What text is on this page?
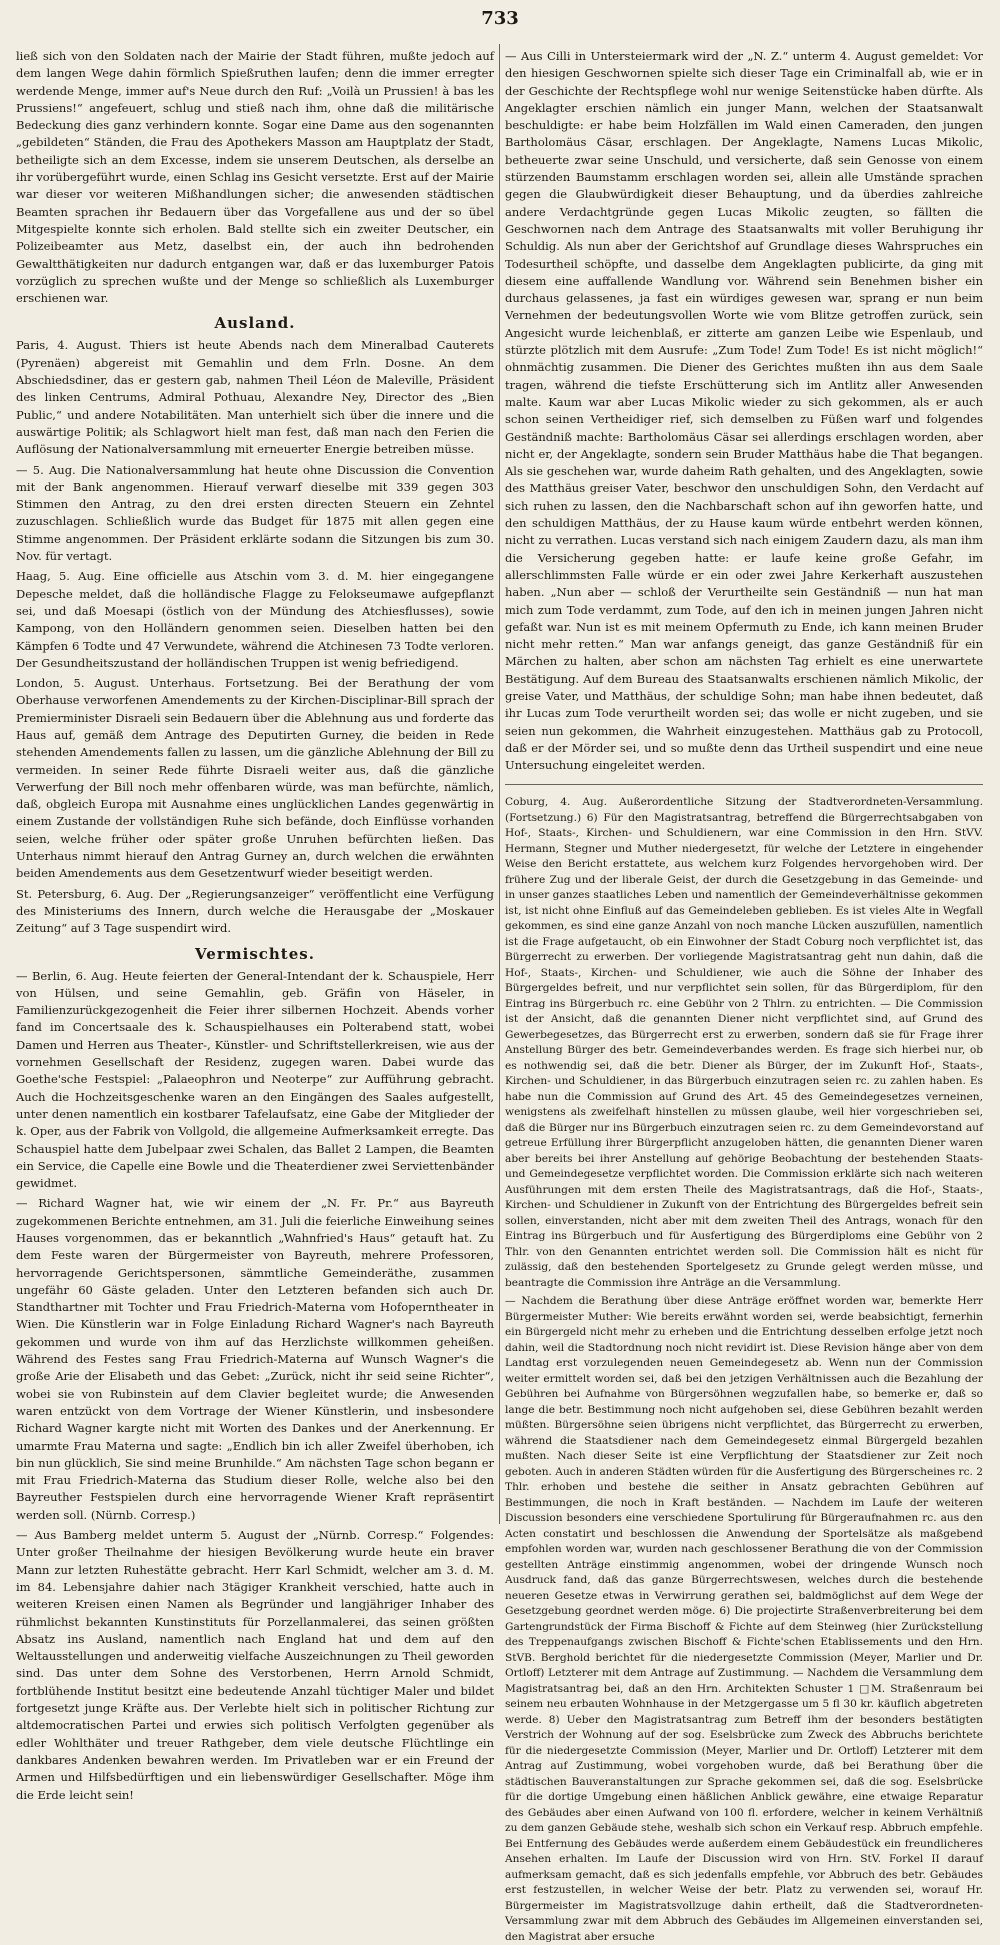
733

ließ sich von den Soldaten nach der Mairie der Stadt führen, mußte jedoch auf dem langen Wege dahin förmlich Spießruthen laufen; denn die immer erregter werdende Menge, immer auf's Neue durch den Ruf: „Voilà un Prussien! à bas les Prussiens!“ angefeuert, schlug und stieß nach ihm, ohne daß die militärische Bedeckung dies ganz verhindern konnte. Sogar eine Dame aus den sogenannten „gebildeten“ Ständen, die Frau des Apothekers Masson am Hauptplatz der Stadt, betheiligte sich an dem Excesse, indem sie unserem Deutschen, als derselbe an ihr vorübergeführt wurde, einen Schlag ins Gesicht versetzte. Erst auf der Mairie war dieser vor weiteren Mißhandlungen sicher; die anwesenden städtischen Beamten sprachen ihr Bedauern über das Vorgefallene aus und der so übel Mitgespielte konnte sich erholen. Bald stellte sich ein zweiter Deutscher, ein Polizeibeamter aus Metz, daselbst ein, der auch ihn bedrohenden Gewaltthätigkeiten nur dadurch entgangen war, daß er das luxemburger Patois vorzüglich zu sprechen wußte und der Menge so schließlich als Luxemburger erschienen war.

Ausland.

Paris, 4. August. Thiers ist heute Abends nach dem Mineralbad Cauterets (Pyrenäen) abgereist mit Gemahlin und dem Frln. Dosne. An dem Abschiedsdiner, das er gestern gab, nahmen Theil Léon de Maleville, Präsident des linken Centrums, Admiral Pothuau, Alexandre Ney, Director des „Bien Public,“ und andere Notabilitäten. Man unterhielt sich über die innere und die auswärtige Politik; als Schlagwort hielt man fest, daß man nach den Ferien die Auflösung der Nationalversammlung mit erneuerter Energie betreiben müsse.

— 5. Aug. Die Nationalversammlung hat heute ohne Discussion die Convention mit der Bank angenommen. Hierauf verwarf dieselbe mit 339 gegen 303 Stimmen den Antrag, zu den drei ersten directen Steuern ein Zehntel zuzuschlagen. Schließlich wurde das Budget für 1875 mit allen gegen eine Stimme angenommen. Der Präsident erklärte sodann die Sitzungen bis zum 30. Nov. für vertagt.

Haag, 5. Aug. Eine officielle aus Atschin vom 3. d. M. hier eingegangene Depesche meldet, daß die holländische Flagge zu Felokseumawe aufgepflanzt sei, und daß Moesapi (östlich von der Mündung des Atchiesflusses), sowie Kampong, von den Holländern genommen seien. Dieselben hatten bei den Kämpfen 6 Todte und 47 Verwundete, während die Atchinesen 73 Todte verloren. Der Gesundheitszustand der holländischen Truppen ist wenig befriedigend.

London, 5. August. Unterhaus. Fortsetzung. Bei der Berathung der vom Oberhause verworfenen Amendements zu der Kirchen-Disciplinar-Bill sprach der Premierminister Disraeli sein Bedauern über die Ablehnung aus und forderte das Haus auf, gemäß dem Antrage des Deputirten Gurney, die beiden in Rede stehenden Amendements fallen zu lassen, um die gänzliche Ablehnung der Bill zu vermeiden. In seiner Rede führte Disraeli weiter aus, daß die gänzliche Verwerfung der Bill noch mehr offenbaren würde, was man befürchte, nämlich, daß, obgleich Europa mit Ausnahme eines unglücklichen Landes gegenwärtig in einem Zustande der vollständigen Ruhe sich befände, doch Einflüsse vorhanden seien, welche früher oder später große Unruhen befürchten ließen. Das Unterhaus nimmt hierauf den Antrag Gurney an, durch welchen die erwähnten beiden Amendements aus dem Gesetzentwurf wieder beseitigt werden.

St. Petersburg, 6. Aug. Der „Regierungsanzeiger“ veröffentlicht eine Verfügung des Ministeriums des Innern, durch welche die Herausgabe der „Moskauer Zeitung“ auf 3 Tage suspendirt wird.

Vermischtes.

— Berlin, 6. Aug. Heute feierten der General-Intendant der k. Schauspiele, Herr von Hülsen, und seine Gemahlin, geb. Gräfin von Häseler, in Familienzurückgezogenheit die Feier ihrer silbernen Hochzeit. Abends vorher fand im Concertsaale des k. Schauspielhauses ein Polterabend statt, wobei Damen und Herren aus Theater-, Künstler- und Schriftstellerkreisen, wie aus der vornehmen Gesellschaft der Residenz, zugegen waren. Dabei wurde das Goethe'sche Festspiel: „Palaeophron und Neoterpe“ zur Aufführung gebracht. Auch die Hochzeitsgeschenke waren an den Eingängen des Saales aufgestellt, unter denen namentlich ein kostbarer Tafelaufsatz, eine Gabe der Mitglieder der k. Oper, aus der Fabrik von Vollgold, die allgemeine Aufmerksamkeit erregte. Das Schauspiel hatte dem Jubelpaar zwei Schalen, das Ballet 2 Lampen, die Beamten ein Service, die Capelle eine Bowle und die Theaterdiener zwei Serviettenbänder gewidmet.

— Richard Wagner hat, wie wir einem der „N. Fr. Pr.“ aus Bayreuth zugekommenen Berichte entnehmen, am 31. Juli die feierliche Einweihung seines Hauses vorgenommen, das er bekanntlich „Wahnfried's Haus“ getauft hat. Zu dem Feste waren der Bürgermeister von Bayreuth, mehrere Professoren, hervorragende Gerichtspersonen, sämmtliche Gemeinderäthe, zusammen ungefähr 60 Gäste geladen. Unter den Letzteren befanden sich auch Dr. Standthartner mit Tochter und Frau Friedrich-Materna vom Hofoperntheater in Wien. Die Künstlerin war in Folge Einladung Richard Wagner's nach Bayreuth gekommen und wurde von ihm auf das Herzlichste willkommen geheißen. Während des Festes sang Frau Friedrich-Materna auf Wunsch Wagner's die große Arie der Elisabeth und das Gebet: „Zurück, nicht ihr seid seine Richter“, wobei sie von Rubinstein auf dem Clavier begleitet wurde; die Anwesenden waren entzückt von dem Vortrage der Wiener Künstlerin, und insbesondere Richard Wagner kargte nicht mit Worten des Dankes und der Anerkennung. Er umarmte Frau Materna und sagte: „Endlich bin ich aller Zweifel überhoben, ich bin nun glücklich, Sie sind meine Brunhilde.“ Am nächsten Tage schon begann er mit Frau Friedrich-Materna das Studium dieser Rolle, welche also bei den Bayreuther Festspielen durch eine hervorragende Wiener Kraft repräsentirt werden soll. (Nürnb. Corresp.)

— Aus Bamberg meldet unterm 5. August der „Nürnb. Corresp.“ Folgendes: Unter großer Theilnahme der hiesigen Bevölkerung wurde heute ein braver Mann zur letzten Ruhestätte gebracht. Herr Karl Schmidt, welcher am 3. d. M. im 84. Lebensjahre dahier nach 3tägiger Krankheit verschied, hatte auch in weiteren Kreisen einen Namen als Begründer und langjähriger Inhaber des rühmlichst bekannten Kunstinstituts für Porzellanmalerei, das seinen größten Absatz ins Ausland, namentlich nach England hat und dem auf den Weltausstellungen und anderweitig vielfache Auszeichnungen zu Theil geworden sind. Das unter dem Sohne des Verstorbenen, Herrn Arnold Schmidt, fortblühende Institut besitzt eine bedeutende Anzahl tüchtiger Maler und bildet fortgesetzt junge Kräfte aus. Der Verlebte hielt sich in politischer Richtung zur altdemocratischen Partei und erwies sich politisch Verfolgten gegenüber als edler Wohlthäter und treuer Rathgeber, dem viele deutsche Flüchtlinge ein dankbares Andenken bewahren werden. Im Privatleben war er ein Freund der Armen und Hilfsbedürftigen und ein liebenswürdiger Gesellschafter. Möge ihm die Erde leicht sein!

— Aus Cilli in Untersteiermark wird der „N. Z.“ unterm 4. August gemeldet: Vor den hiesigen Geschwornen spielte sich dieser Tage ein Criminalfall ab, wie er in der Geschichte der Rechtspflege wohl nur wenige Seitenstücke haben dürfte. Als Angeklagter erschien nämlich ein junger Mann, welchen der Staatsanwalt beschuldigte: er habe beim Holzfällen im Wald einen Cameraden, den jungen Bartholomäus Cäsar, erschlagen. Der Angeklagte, Namens Lucas Mikolic, betheuerte zwar seine Unschuld, und versicherte, daß sein Genosse von einem stürzenden Baumstamm erschlagen worden sei, allein alle Umstände sprachen gegen die Glaubwürdigkeit dieser Behauptung, und da überdies zahlreiche andere Verdachtgründe gegen Lucas Mikolic zeugten, so fällten die Geschwornen nach dem Antrage des Staatsanwalts mit voller Beruhigung ihr Schuldig. Als nun aber der Gerichtshof auf Grundlage dieses Wahrspruches ein Todesurtheil schöpfte, und dasselbe dem Angeklagten publicirte, da ging mit diesem eine auffallende Wandlung vor. Während sein Benehmen bisher ein durchaus gelassenes, ja fast ein würdiges gewesen war, sprang er nun beim Vernehmen der bedeutungsvollen Worte wie vom Blitze getroffen zurück, sein Angesicht wurde leichenblaß, er zitterte am ganzen Leibe wie Espenlaub, und stürzte plötzlich mit dem Ausrufe: „Zum Tode! Zum Tode! Es ist nicht möglich!“ ohnmächtig zusammen. Die Diener des Gerichtes mußten ihn aus dem Saale tragen, während die tiefste Erschütterung sich im Antlitz aller Anwesenden malte. Kaum war aber Lucas Mikolic wieder zu sich gekommen, als er auch schon seinen Vertheidiger rief, sich demselben zu Füßen warf und folgendes Geständniß machte: Bartholomäus Cäsar sei allerdings erschlagen worden, aber nicht er, der Angeklagte, sondern sein Bruder Matthäus habe die That begangen. Als sie geschehen war, wurde daheim Rath gehalten, und des Angeklagten, sowie des Matthäus greiser Vater, beschwor den unschuldigen Sohn, den Verdacht auf sich ruhen zu lassen, den die Nachbarschaft schon auf ihn geworfen hatte, und den schuldigen Matthäus, der zu Hause kaum würde entbehrt werden können, nicht zu verrathen. Lucas verstand sich nach einigem Zaudern dazu, als man ihm die Versicherung gegeben hatte: er laufe keine große Gefahr, im allerschlimmsten Falle würde er ein oder zwei Jahre Kerkerhaft auszustehen haben. „Nun aber — schloß der Verurtheilte sein Geständniß — nun hat man mich zum Tode verdammt, zum Tode, auf den ich in meinen jungen Jahren nicht gefaßt war. Nun ist es mit meinem Opfermuth zu Ende, ich kann meinen Bruder nicht mehr retten.“ Man war anfangs geneigt, das ganze Geständniß für ein Märchen zu halten, aber schon am nächsten Tag erhielt es eine unerwartete Bestätigung. Auf dem Bureau des Staatsanwalts erschienen nämlich Mikolic, der greise Vater, und Matthäus, der schuldige Sohn; man habe ihnen bedeutet, daß ihr Lucas zum Tode verurtheilt worden sei; das wolle er nicht zugeben, und sie seien nun gekommen, die Wahrheit einzugestehen. Matthäus gab zu Protocoll, daß er der Mörder sei, und so mußte denn das Urtheil suspendirt und eine neue Untersuchung eingeleitet werden.

Coburg, 4. Aug. Außerordentliche Sitzung der Stadtverordneten-Versammlung. (Fortsetzung.) 6) Für den Magistratsantrag, betreffend die Bürgerrechtsabgaben von Hof-, Staats-, Kirchen- und Schuldienern, war eine Commission in den Hrn. StVV. Hermann, Stegner und Muther niedergesetzt, für welche der Letztere in eingehender Weise den Bericht erstattete, aus welchem kurz Folgendes hervorgehoben wird. Der frühere Zug und der liberale Geist, der durch die Gesetzgebung in das Gemeinde- und in unser ganzes staatliches Leben und namentlich der Gemeindeverhältnisse gekommen ist, ist nicht ohne Einfluß auf das Gemeindeleben geblieben. Es ist vieles Alte in Wegfall gekommen, es sind eine ganze Anzahl von noch manche Lücken auszufüllen, namentlich ist die Frage aufgetaucht, ob ein Einwohner der Stadt Coburg noch verpflichtet ist, das Bürgerrecht zu erwerben. Der vorliegende Magistratsantrag geht nun dahin, daß die Hof-, Staats-, Kirchen- und Schuldiener, wie auch die Söhne der Inhaber des Bürgergeldes befreit, und nur verpflichtet sein sollen, für das Bürgerdiplom, für den Eintrag ins Bürgerbuch rc. eine Gebühr von 2 Thlrn. zu entrichten. — Die Commission ist der Ansicht, daß die genannten Diener nicht verpflichtet sind, auf Grund des Gewerbegesetzes, das Bürgerrecht erst zu erwerben, sondern daß sie für Frage ihrer Anstellung Bürger des betr. Gemeindeverbandes werden. Es frage sich hierbei nur, ob es nothwendig sei, daß die betr. Diener als Bürger, der im Zukunft Hof-, Staats-, Kirchen- und Schuldiener, in das Bürgerbuch einzutragen seien rc. zu zahlen haben. Es habe nun die Commission auf Grund des Art. 45 des Gemeindegesetzes verneinen, wenigstens als zweifelhaft hinstellen zu müssen glaube, weil hier vorgeschrieben sei, daß die Bürger nur ins Bürgerbuch einzutragen seien rc. zu dem Gemeindevorstand auf getreue Erfüllung ihrer Bürgerpflicht anzugeloben hätten, die genannten Diener waren aber bereits bei ihrer Anstellung auf gehörige Beobachtung der bestehenden Staats- und Gemeindegesetze verpflichtet worden. Die Commission erklärte sich nach weiteren Ausführungen mit dem ersten Theile des Magistratsantrags, daß die Hof-, Staats-, Kirchen- und Schuldiener in Zukunft von der Entrichtung des Bürgergeldes befreit sein sollen, einverstanden, nicht aber mit dem zweiten Theil des Antrags, wonach für den Eintrag ins Bürgerbuch und für Ausfertigung des Bürgerdiploms eine Gebühr von 2 Thlr. von den Genannten entrichtet werden soll. Die Commission hält es nicht für zulässig, daß den bestehenden Sportelgesetz zu Grunde gelegt werden müsse, und beantragte die Commission ihre Anträge an die Versammlung.

— Nachdem die Berathung über diese Anträge eröffnet worden war, bemerkte Herr Bürgermeister Muther: Wie bereits erwähnt worden sei, werde beabsichtigt, fernerhin ein Bürgergeld nicht mehr zu erheben und die Entrichtung desselben erfolge jetzt noch dahin, weil die Stadtordnung noch nicht revidirt ist. Diese Revision hänge aber von dem Landtag erst vorzulegenden neuen Gemeindegesetz ab. Wenn nun der Commission weiter ermittelt worden sei, daß bei den jetzigen Verhältnissen auch die Bezahlung der Gebühren bei Aufnahme von Bürgersöhnen wegzufallen habe, so bemerke er, daß so lange die betr. Bestimmung noch nicht aufgehoben sei, diese Gebühren bezahlt werden müßten. Bürgersöhne seien übrigens nicht verpflichtet, das Bürgerrecht zu erwerben, während die Staatsdiener nach dem Gemeindegesetz einmal Bürgergeld bezahlen mußten. Nach dieser Seite ist eine Verpflichtung der Staatsdiener zur Zeit noch geboten. Auch in anderen Städten würden für die Ausfertigung des Bürgerscheines rc. 2 Thlr. erhoben und bestehe die seither in Ansatz gebrachten Gebühren auf Bestimmungen, die noch in Kraft beständen. — Nachdem im Laufe der weiteren Discussion besonders eine verschiedene Sportulirung für Bürgeraufnahmen rc. aus den Acten constatirt und beschlossen die Anwendung der Sportelsätze als maßgebend empfohlen worden war, wurden nach geschlossener Berathung die von der Commission gestellten Anträge einstimmig angenommen, wobei der dringende Wunsch noch Ausdruck fand, daß das ganze Bürgerrechtswesen, welches durch die bestehende neueren Gesetze etwas in Verwirrung gerathen sei, baldmöglichst auf dem Wege der Gesetzgebung geordnet werden möge. 6) Die projectirte Straßenverbreiterung bei dem Gartengrundstück der Firma Bischoff & Fichte auf dem Steinweg (hier Zurückstellung des Treppenaufgangs zwischen Bischoff & Fichte'schen Etablissements und den Hrn. StVB. Berghold berichtet für die niedergesetzte Commission (Meyer, Marlier und Dr. Ortloff) Letzterer mit dem Antrage auf Zustimmung. — Nachdem die Versammlung dem Magistratsantrag bei, daß an den Hrn. Architekten Schuster 1 □M. Straßenraum bei seinem neu erbauten Wohnhause in der Metzgergasse um 5 fl 30 kr. käuflich abgetreten werde. 8) Ueber den Magistratsantrag zum Betreff ihm der besonders bestätigten Verstrich der Wohnung auf der sog. Eselsbrücke zum Zweck des Abbruchs berichtete für die niedergesetzte Commission (Meyer, Marlier und Dr. Ortloff) Letzterer mit dem Antrag auf Zustimmung, wobei vorgehoben wurde, daß bei Berathung über die städtischen Bauveranstaltungen zur Sprache gekommen sei, daß die sog. Eselsbrücke für die dortige Umgebung einen häßlichen Anblick gewähre, eine etwaige Reparatur des Gebäudes aber einen Aufwand von 100 fl. erfordere, welcher in keinem Verhältniß zu dem ganzen Gebäude stehe, weshalb sich schon ein Verkauf resp. Abbruch empfehle. Bei Entfernung des Gebäudes werde außerdem einem Gebäudestück ein freundlicheres Ansehen erhalten. Im Laufe der Discussion wird von Hrn. StV. Forkel II darauf aufmerksam gemacht, daß es sich jedenfalls empfehle, vor Abbruch des betr. Gebäudes erst festzustellen, in welcher Weise der betr. Platz zu verwenden sei, worauf Hr. Bürgermeister im Magistratsvollzuge dahin ertheilt, daß die Stadtverordneten-Versammlung zwar mit dem Abbruch des Gebäudes im Allgemeinen einverstanden sei, den Magistrat aber ersuche
